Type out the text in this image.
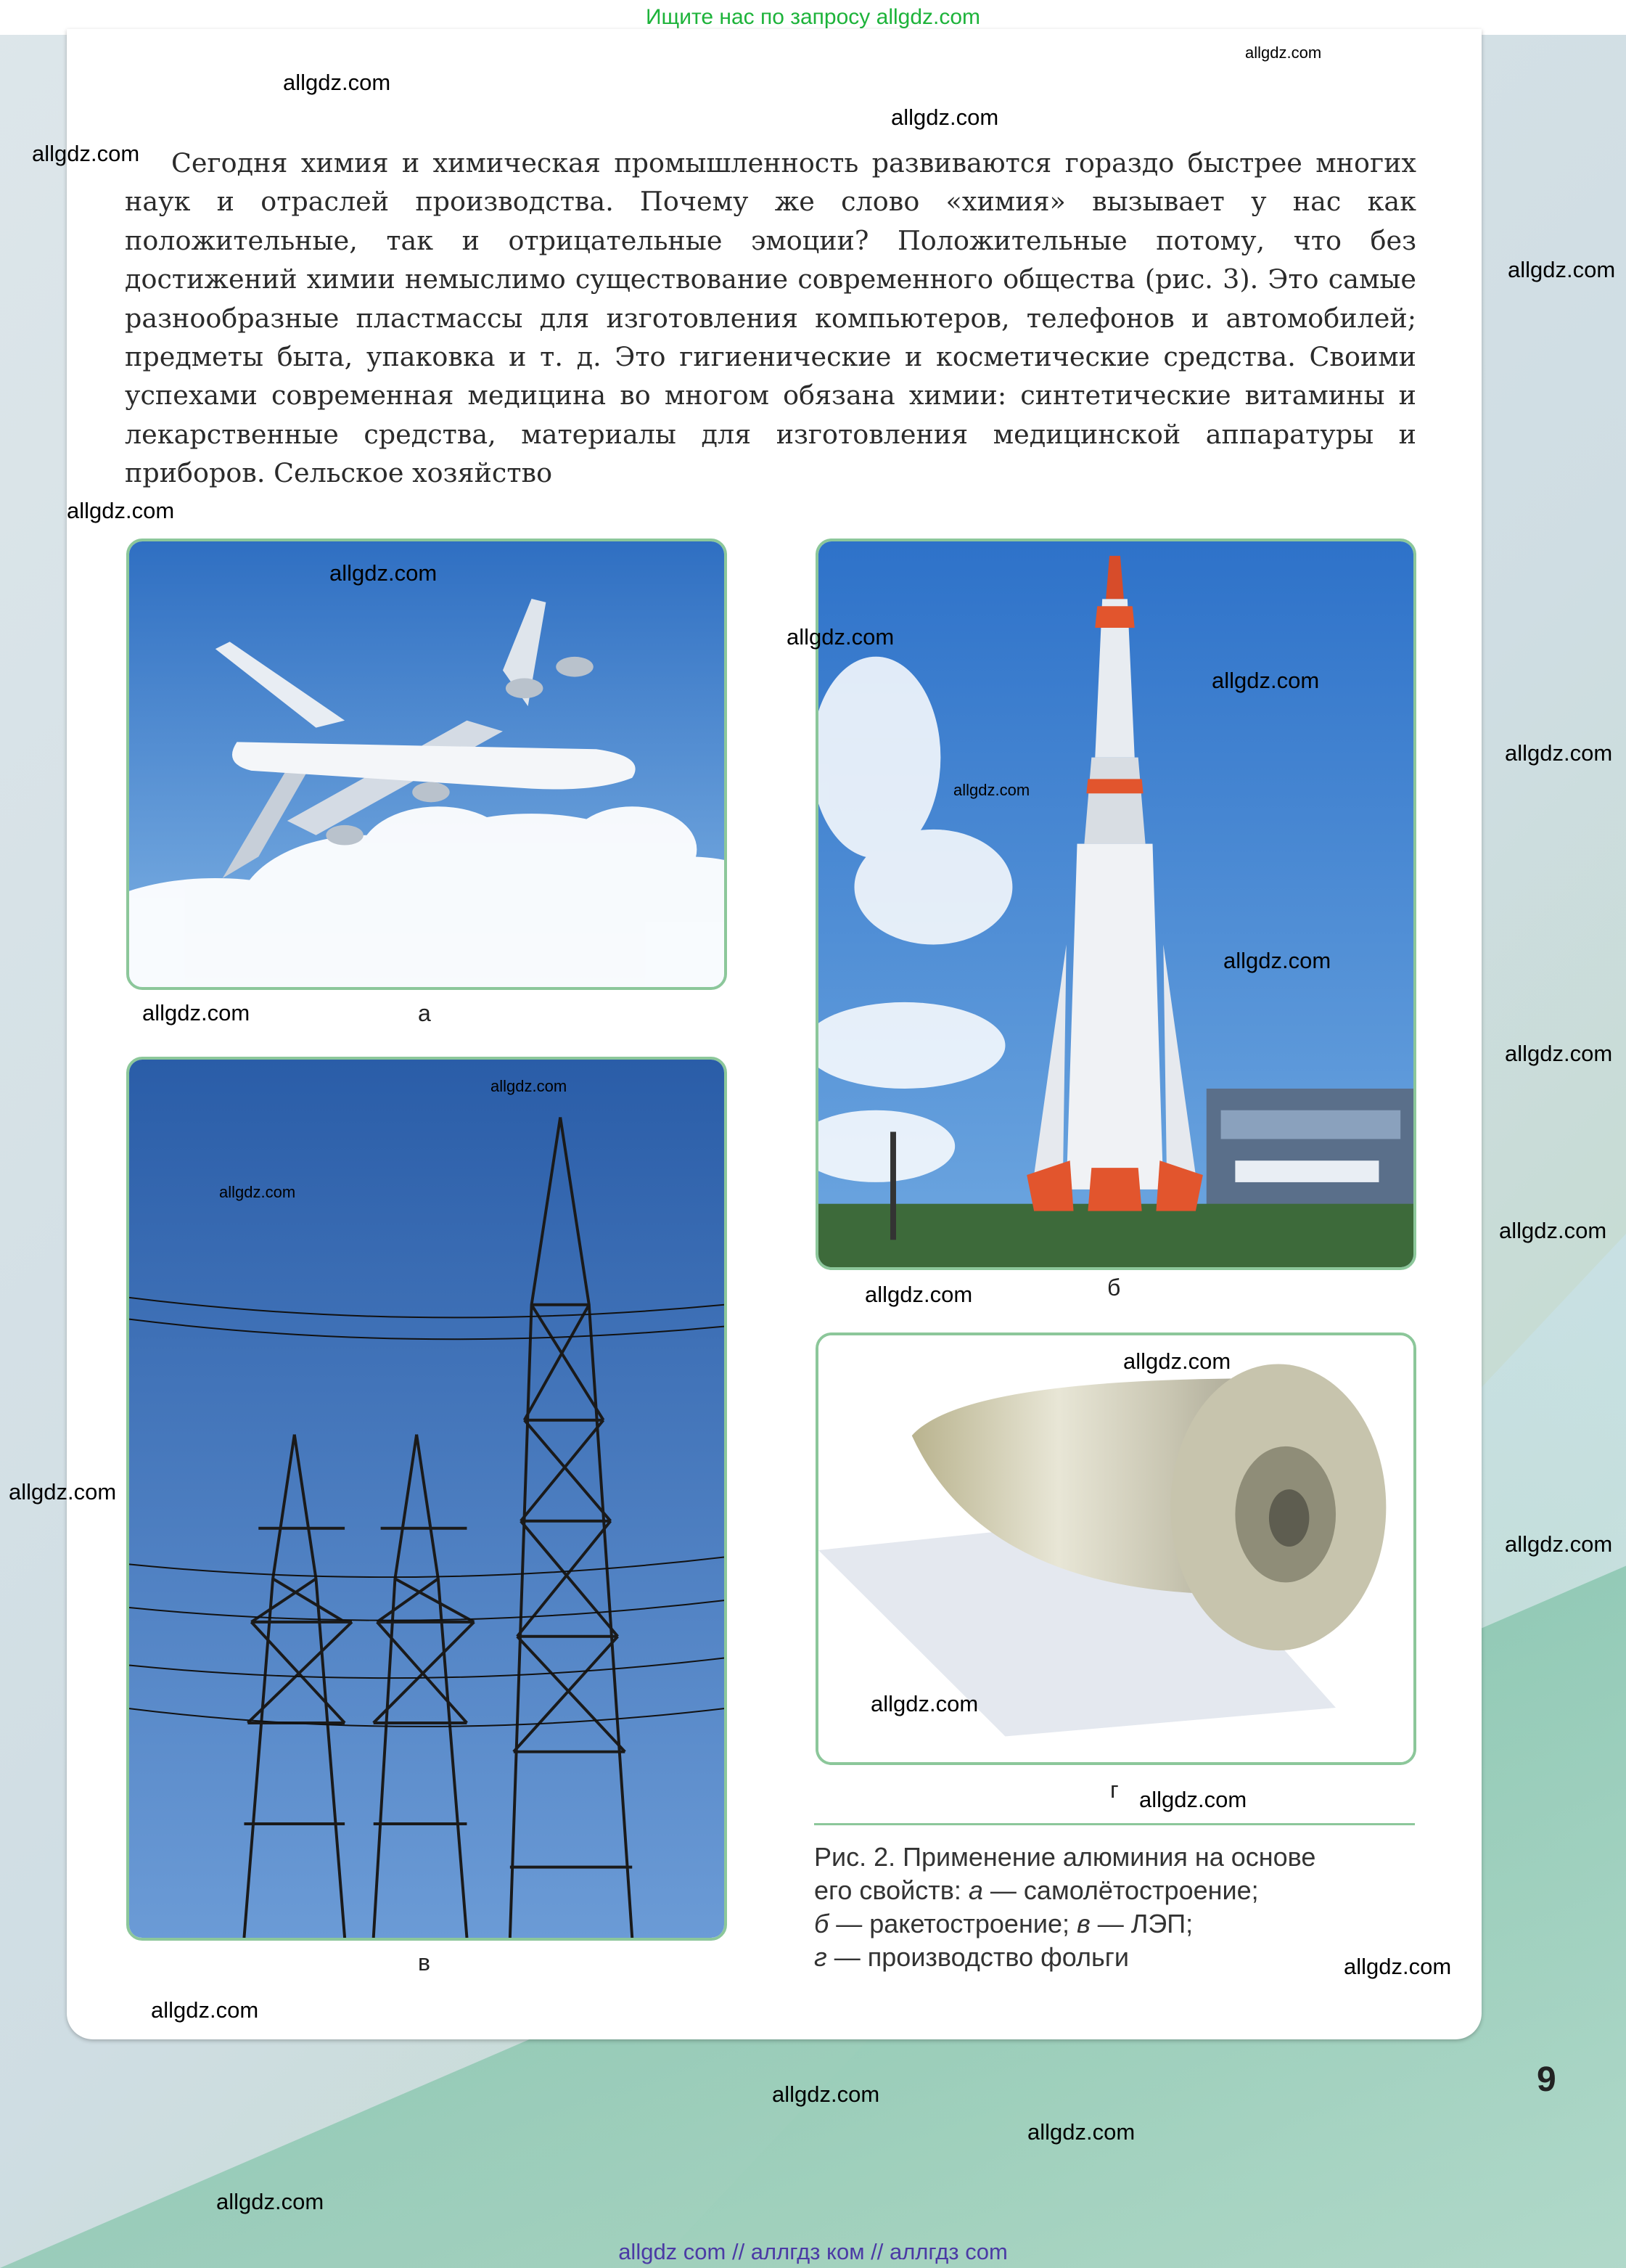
Ищите нас по запросу allgdz.com

Сегодня химия и химическая промышленность развиваются гораздо быстрее многих наук и отраслей производства. Почему же слово «химия» вызывает у нас как положительные, так и отрицательные эмоции? Положительные потому, что без достижений химии немыслимо существование современного общества (рис. 3). Это самые разнообразные пластмассы для изготовления компьютеров, телефонов и автомобилей; предметы быта, упаковка и т. д. Это гигиенические и косметические средства. Своими успехами современная медицина во многом обязана химии: синтетические витамины и лекарственные средства, материалы для изготовления медицинской аппаратуры и приборов. Сельское хозяйство

а
б
в
г
Рис. 2. Применение алюминия на основе
его свойств: а — самолётостроение;
б — ракетостроение; в — ЛЭП;
г — производство фольги
9
allgdz.com
allgdz.com
allgdz.com
allgdz.com
allgdz.com
allgdz.com
allgdz.com
allgdz.com
allgdz.com
allgdz.com
allgdz.com
allgdz.com
allgdz.com
allgdz.com
allgdz.com
allgdz.com
allgdz.com
allgdz.com
allgdz.com
allgdz.com
allgdz.com
allgdz.com
allgdz.com
allgdz.com
allgdz.com
allgdz.com
allgdz.com
allgdz.com
allgdz com // аллгдз ком // аллгдз com
